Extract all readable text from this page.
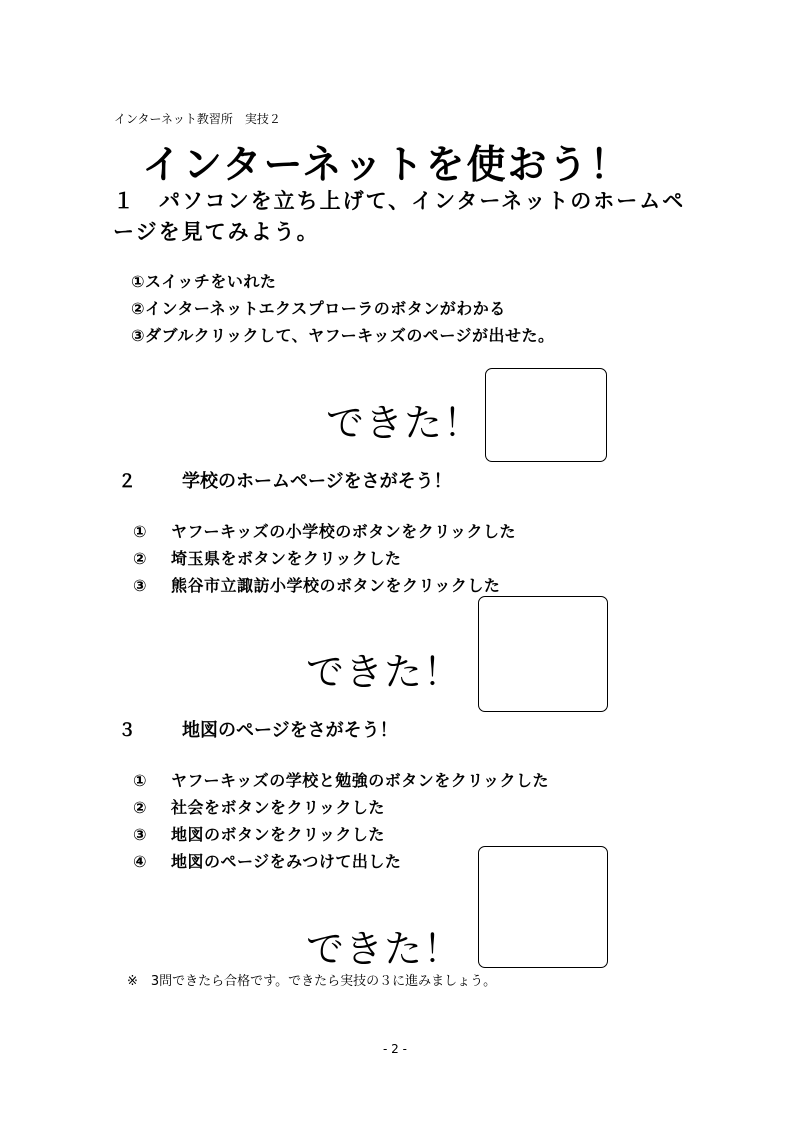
インターネット教習所　実技２
インターネットを使おう！
１ パソコンを立ち上げて、インターネットのホームページを見てみよう。
①スイッチをいれた
②インターネットエクスプローラのボタンがわかる
③ダブルクリックして、ヤフーキッズのページが出せた。
できた！
２	学校のホームページをさがそう！
① ヤフーキッズの小学校のボタンをクリックした
② 埼玉県をボタンをクリックした
③ 熊谷市立諏訪小学校のボタンをクリックした
できた！
３	地図のページをさがそう！
① ヤフーキッズの学校と勉強のボタンをクリックした
② 社会をボタンをクリックした
③ 地図のボタンをクリックした
④ 地図のページをみつけて出した
できた！
※　3問できたら合格です。できたら実技の３に進みましょう。
- 2 -
